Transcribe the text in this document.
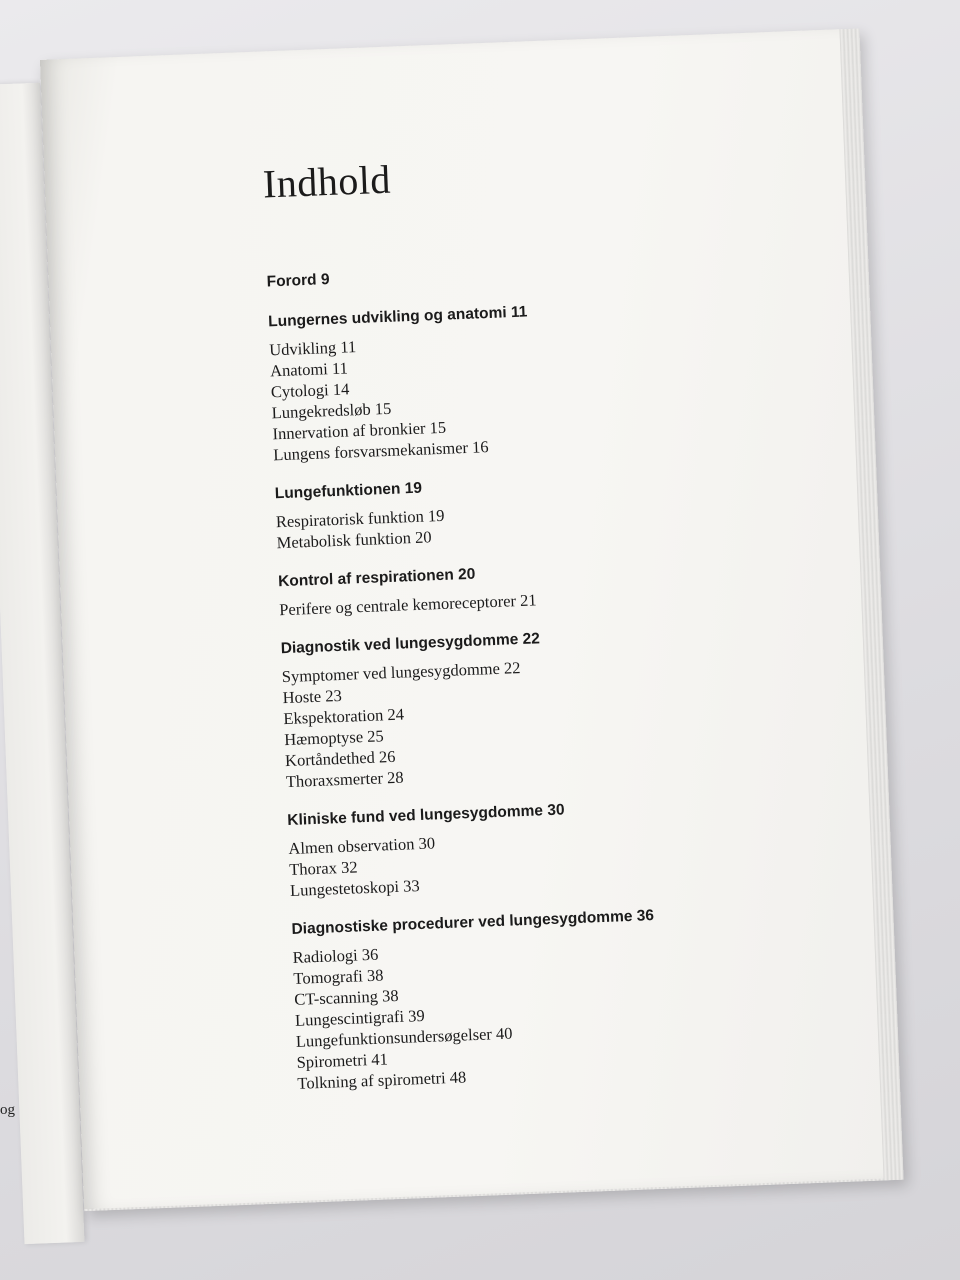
og
Indhold

Forord 9

Lungernes udvikling og anatomi 11

Udvikling 11

Anatomi 11

Cytologi 14

Lungekredsløb 15

Innervation af bronkier 15

Lungens forsvarsmekanismer 16

Lungefunktionen 19

Respiratorisk funktion 19

Metabolisk funktion 20

Kontrol af respirationen 20

Perifere og centrale kemoreceptorer 21

Diagnostik ved lungesygdomme 22

Symptomer ved lungesygdomme 22

Hoste 23

Ekspektoration 24

Hæmoptyse 25

Kortåndethed 26

Thoraxsmerter 28

Kliniske fund ved lungesygdomme 30

Almen observation 30

Thorax 32

Lungestetoskopi 33

Diagnostiske procedurer ved lungesygdomme 36

Radiologi 36

Tomografi 38

CT-scanning 38

Lungescintigrafi 39

Lungefunktionsundersøgelser 40

Spirometri 41

Tolkning af spirometri 48
